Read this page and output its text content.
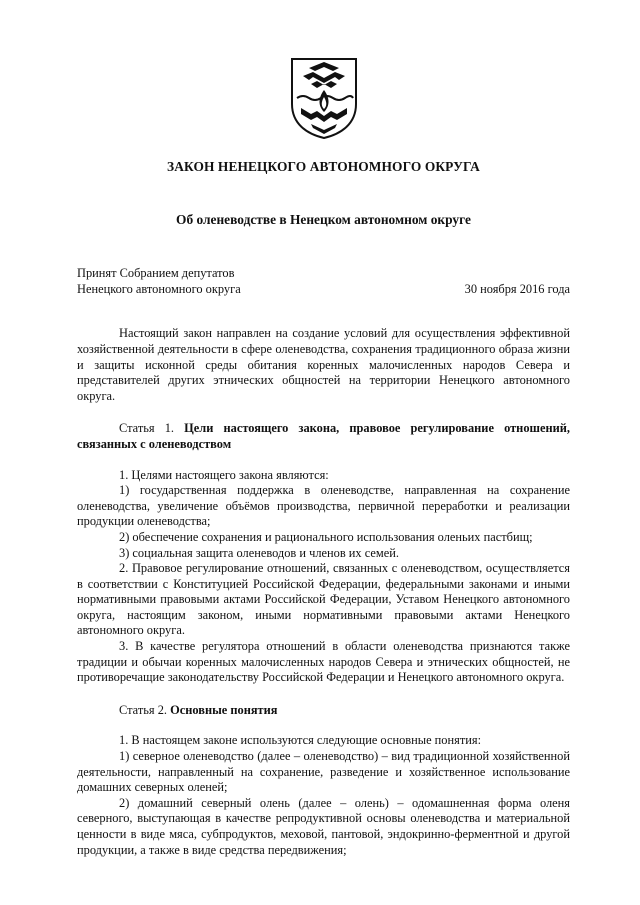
ЗАКОН НЕНЕЦКОГО АВТОНОМНОГО ОКРУГА
Об оленеводстве в Ненецком автономном округе
Принят Собранием депутатов
Ненецкого автономного округа	30 ноября 2016 года

Настоящий закон направлен на создание условий для осуществления эффективной хозяйственной деятельности в сфере оленеводства, сохранения традиционного образа жизни и защиты исконной среды обитания коренных малочисленных народов Севера и представителей других этнических общностей на территории Ненецкого автономного округа.

Статья 1. Цели настоящего закона, правовое регулирование отношений, связанных с оленеводством

1. Целями настоящего закона являются:

1) государственная поддержка в оленеводстве, направленная на сохранение оленеводства, увеличение объёмов производства, первичной переработки и реализации продукции оленеводства;

2) обеспечение сохранения и рационального использования оленьих пастбищ;

3) социальная защита оленеводов и членов их семей.

2. Правовое регулирование отношений, связанных с оленеводством, осуществляется в соответствии с Конституцией Российской Федерации, федеральными законами и иными нормативными правовыми актами Российской Федерации, Уставом Ненецкого автономного округа, настоящим законом, иными нормативными правовыми актами Ненецкого автономного округа.

3. В качестве регулятора отношений в области оленеводства признаются также традиции и обычаи коренных малочисленных народов Севера и этнических общностей, не противоречащие законодательству Российской Федерации и Ненецкого автономного округа.

Статья 2. Основные понятия

1. В настоящем законе используются следующие основные понятия:

1) северное оленеводство (далее – оленеводство) – вид традиционной хозяйственной деятельности, направленный на сохранение, разведение и хозяйственное использование домашних северных оленей;

2) домашний северный олень (далее – олень) – одомашненная форма оленя северного, выступающая в качестве репродуктивной основы оленеводства и материальной ценности в виде мяса, субпродуктов, меховой, пантовой, эндокринно-ферментной и другой продукции, а также в виде средства передвижения;
